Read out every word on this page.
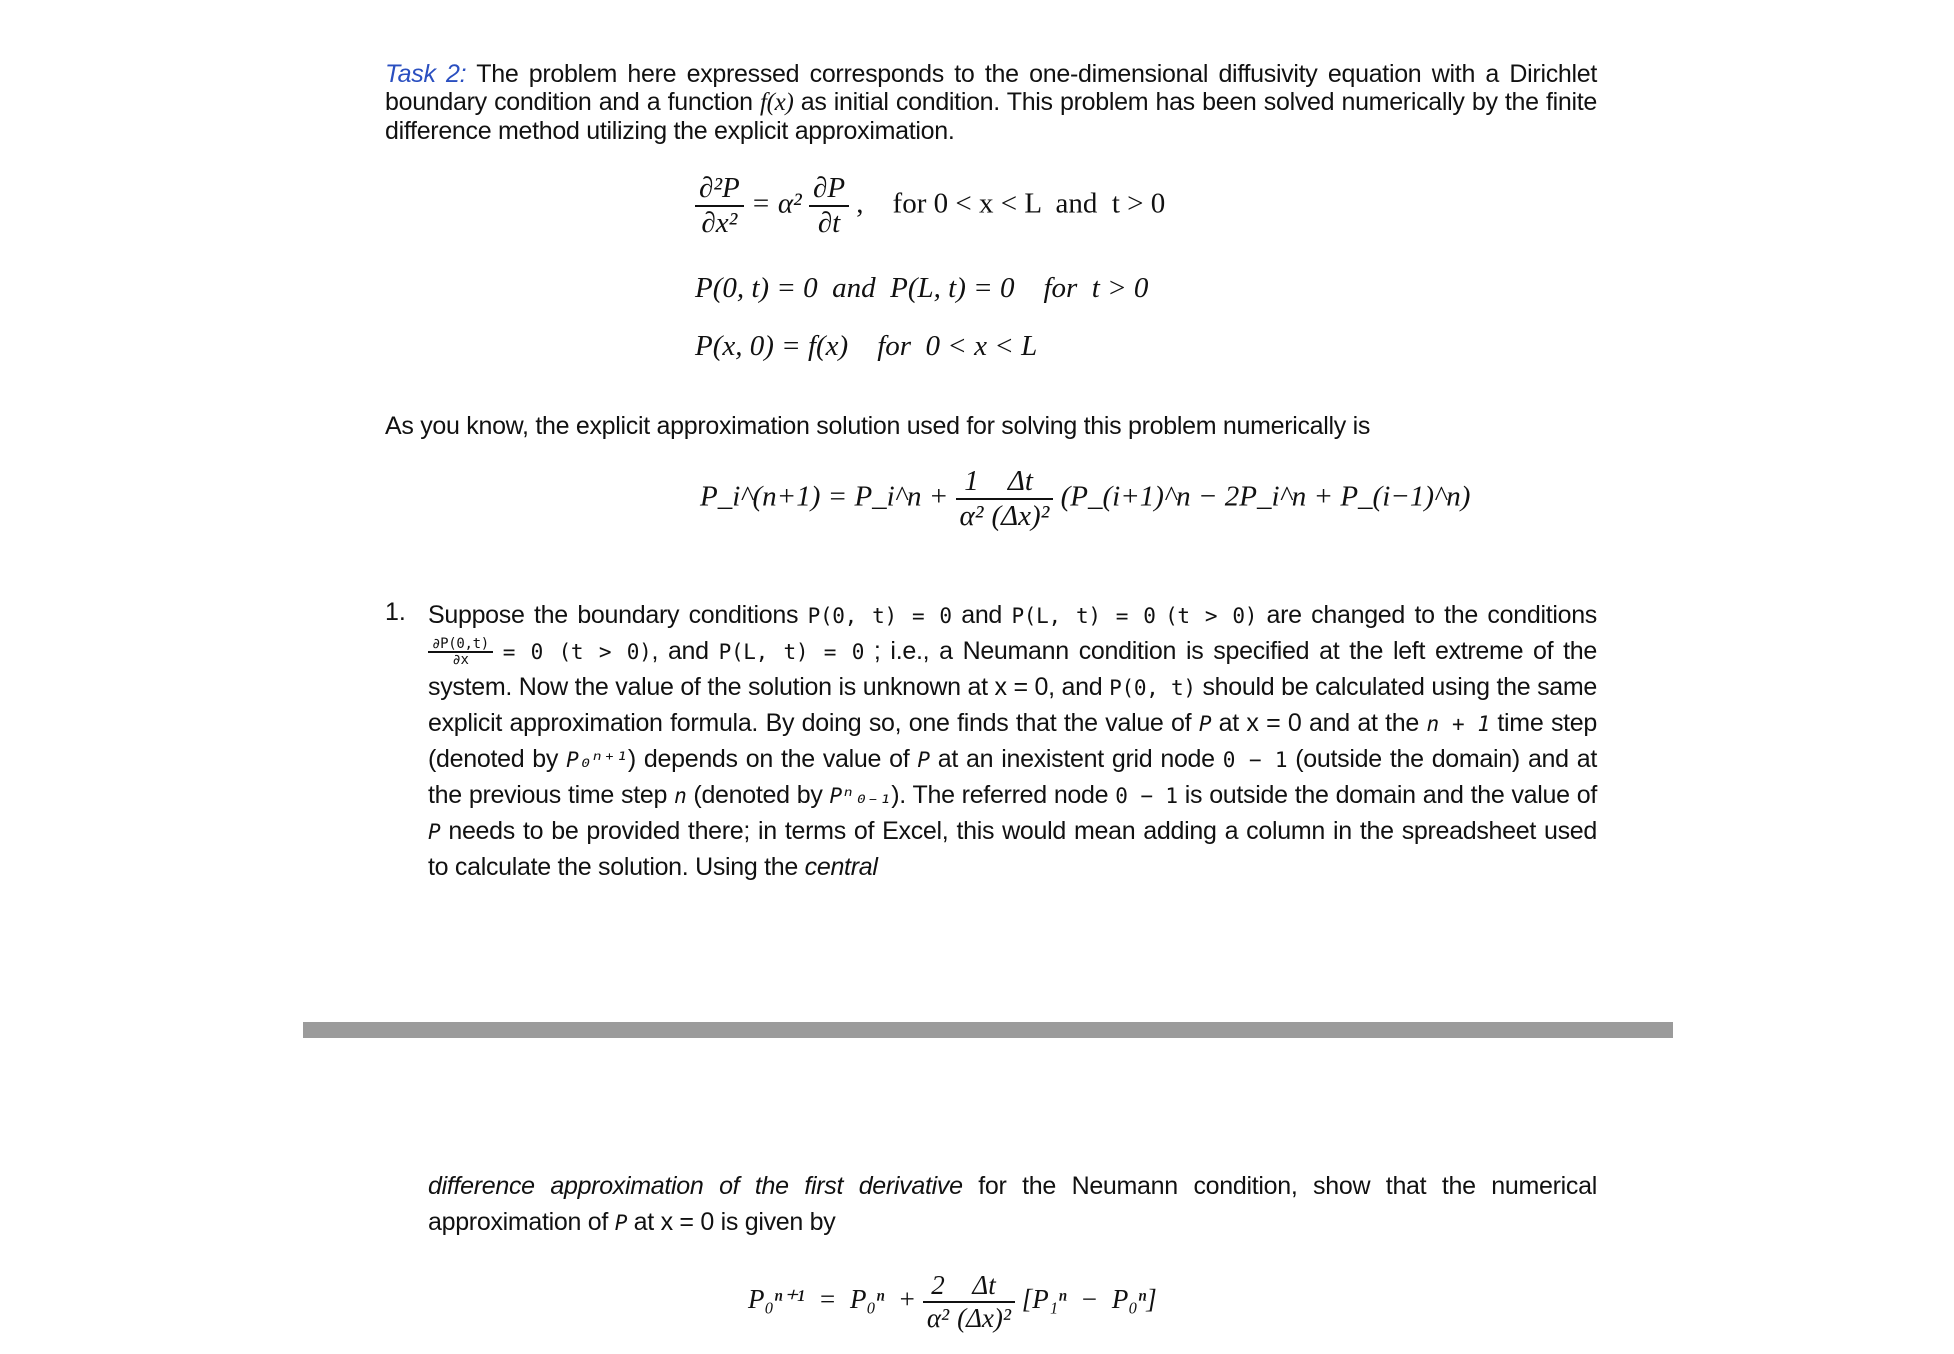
Task 2: The problem here expressed corresponds to the one-dimensional diffusivity equation with a Dirichlet boundary condition and a function f(x) as initial condition. This problem has been solved numerically by the finite difference method utilizing the explicit approximation.
$\frac{\text{∂²P}}{\text{∂x²}} = \alpha^2 \frac{\partial P}{\partial t}$ ,    for 0 < x < L  and  t > 0
P(0, t) = 0  and  P(L, t) = 0    for  t > 0
P(x, 0) = f(x)    for  0 < x < L
As you know, the explicit approximation solution used for solving this problem numerically is
P_i^(n+1) = P_i^n + $\frac{1}{\text{α²}} \frac{\Delta t}{\text{(Δx)²}}$ (P_(i+1)^n − 2P_i^n + P_(i−1)^n)
1. Suppose the boundary conditions P(0, t) = 0 and P(L, t) = 0 (t > 0) are changed to the conditions
$\frac{\partial P(0,t)}{\partial x} = 0$ (t > 0), and P(L, t) = 0 ; i.e., a Neumann condition is specified at the left extreme of the system. Now the value of the solution is unknown at x = 0, and P(0, t) should be calculated using the same explicit approximation formula. By doing so, one finds that the value of P at x = 0 and at the n + 1 time step (denoted by P₀ⁿ⁺¹) depends on the value of P at an inexistent grid node 0 − 1 (outside the domain) and at the previous time step n (denoted by Pⁿ₀₋₁). The referred node 0 − 1 is outside the domain and the value of P needs to be provided there; in terms of Excel, this would mean adding a column in the spreadsheet used to calculate the solution. Using the central
difference approximation of the first derivative for the Neumann condition, show that the numerical approximation of P at x = 0 is given by
$P_0^{n+1} = P_0^n + \frac{2}{\text{α²}} \frac{\Delta t}{\text{(Δx)²}} [P_1^n - P_0^n]$
